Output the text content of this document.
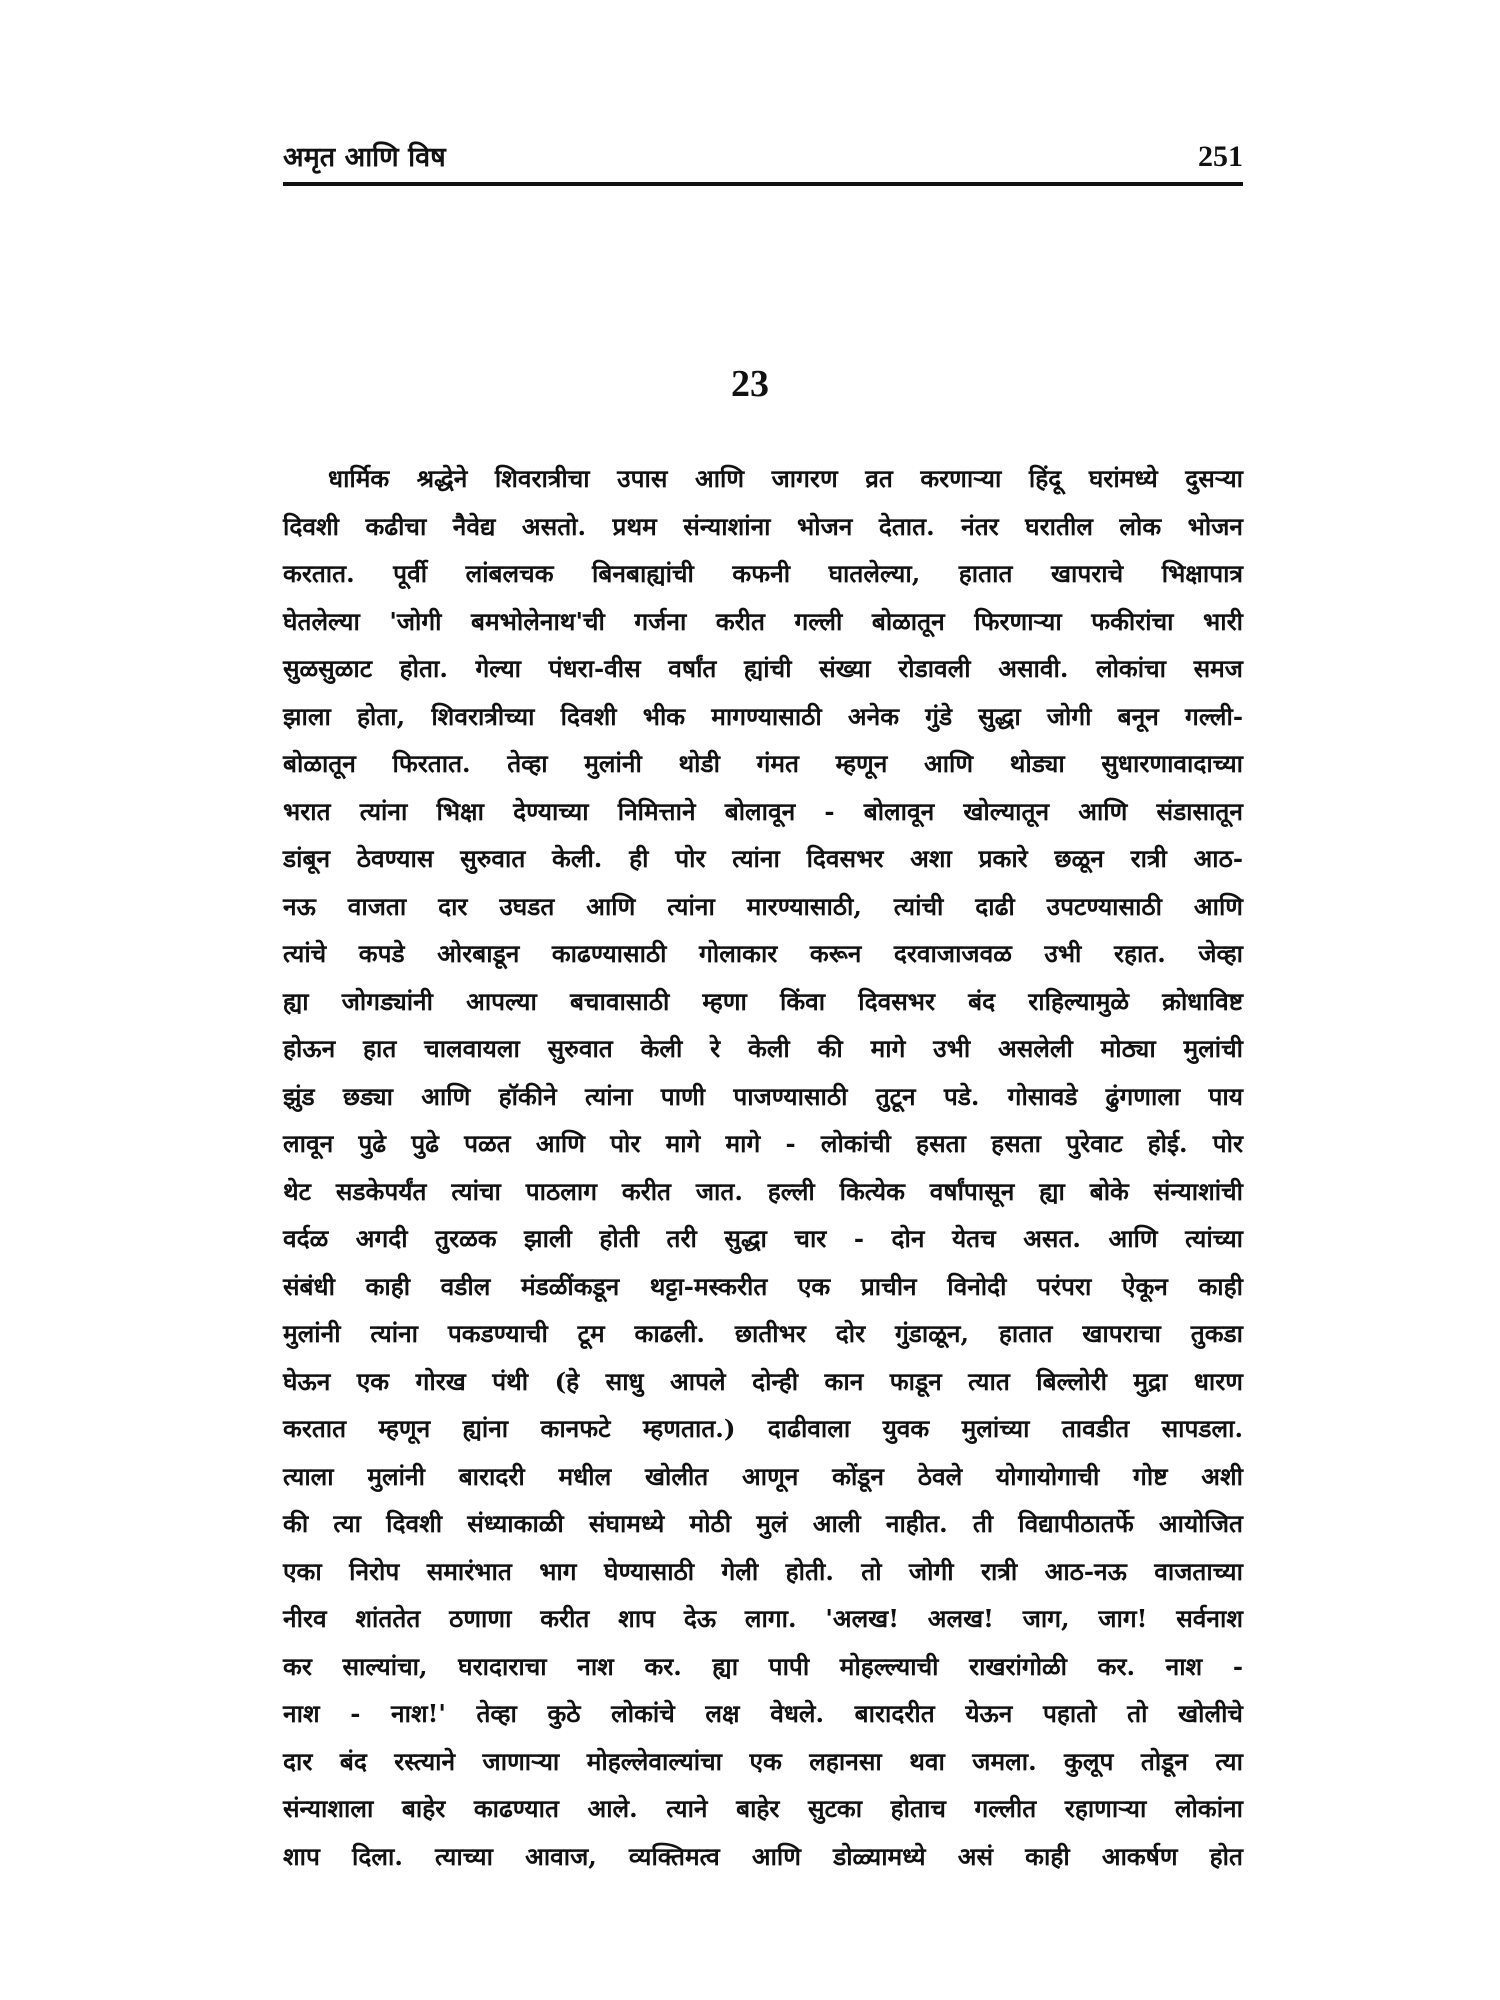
अमृत आणि विष	251
23
धार्मिक श्रद्धेने शिवरात्रीचा उपास आणि जागरण व्रत करणाऱ्या हिंदू घरांमध्ये दुसऱ्या
दिवशी कढीचा नैवेद्य असतो. प्रथम संन्याशांना भोजन देतात. नंतर घरातील लोक भोजन
करतात. पूर्वी लांबलचक बिनबाह्यांची कफनी घातलेल्या, हातात खापराचे भिक्षापात्र
घेतलेल्या 'जोगी बमभोलेनाथ'ची गर्जना करीत गल्ली बोळातून फिरणाऱ्या फकीरांचा भारी
सुळसुळाट होता. गेल्या पंधरा-वीस वर्षांत ह्यांची संख्या रोडावली असावी. लोकांचा समज
झाला होता, शिवरात्रीच्या दिवशी भीक मागण्यासाठी अनेक गुंडे सुद्धा जोगी बनून गल्ली-
बोळातून फिरतात. तेव्हा मुलांनी थोडी गंमत म्हणून आणि थोड्या सुधारणावादाच्या
भरात त्यांना भिक्षा देण्याच्या निमित्ताने बोलावून - बोलावून खोल्यातून आणि संडासातून
डांबून ठेवण्यास सुरुवात केली. ही पोर त्यांना दिवसभर अशा प्रकारे छळून रात्री आठ-
नऊ वाजता दार उघडत आणि त्यांना मारण्यासाठी, त्यांची दाढी उपटण्यासाठी आणि
त्यांचे कपडे ओरबाडून काढण्यासाठी गोलाकार करून दरवाजाजवळ उभी रहात. जेव्हा
ह्या जोगड्यांनी आपल्या बचावासाठी म्हणा किंवा दिवसभर बंद राहिल्यामुळे क्रोधाविष्ट
होऊन हात चालवायला सुरुवात केली रे केली की मागे उभी असलेली मोठ्या मुलांची
झुंड छड्या आणि हॉकीने त्यांना पाणी पाजण्यासाठी तुटून पडे. गोसावडे ढुंगणाला पाय
लावून पुढे पुढे पळत आणि पोर मागे मागे - लोकांची हसता हसता पुरेवाट होई. पोर
थेट सडकेपर्यंत त्यांचा पाठलाग करीत जात. हल्ली कित्येक वर्षांपासून ह्या बोके संन्याशांची
वर्दळ अगदी तुरळक झाली होती तरी सुद्धा चार - दोन येतच असत. आणि त्यांच्या
संबंधी काही वडील मंडळींकडून थट्टा-मस्करीत एक प्राचीन विनोदी परंपरा ऐकून काही
मुलांनी त्यांना पकडण्याची टूम काढली. छातीभर दोर गुंडाळून, हातात खापराचा तुकडा
घेऊन एक गोरख पंथी (हे साधु आपले दोन्ही कान फाडून त्यात बिल्लोरी मुद्रा धारण
करतात म्हणून ह्यांना कानफटे म्हणतात.) दाढीवाला युवक मुलांच्या तावडीत सापडला.
त्याला मुलांनी बारादरी मधील खोलीत आणून कोंडून ठेवले योगायोगाची गोष्ट अशी
की त्या दिवशी संध्याकाळी संघामध्ये मोठी मुलं आली नाहीत. ती विद्यापीठातर्फे आयोजित
एका निरोप समारंभात भाग घेण्यासाठी गेली होती. तो जोगी रात्री आठ-नऊ वाजताच्या
नीरव शांततेत ठणाणा करीत शाप देऊ लागा. 'अलख! अलख! जाग, जाग! सर्वनाश
कर साल्यांचा, घरादाराचा नाश कर. ह्या पापी मोहल्ल्याची राखरांगोळी कर. नाश -
नाश - नाश!' तेव्हा कुठे लोकांचे लक्ष वेधले. बारादरीत येऊन पहातो तो खोलीचे
दार बंद रस्त्याने जाणाऱ्या मोहल्लेवाल्यांचा एक लहानसा थवा जमला. कुलूप तोडून त्या
संन्याशाला बाहेर काढण्यात आले. त्याने बाहेर सुटका होताच गल्लीत रहाणाऱ्या लोकांना
शाप दिला. त्याच्या आवाज, व्यक्तिमत्व आणि डोळ्यामध्ये असं काही आकर्षण होत
